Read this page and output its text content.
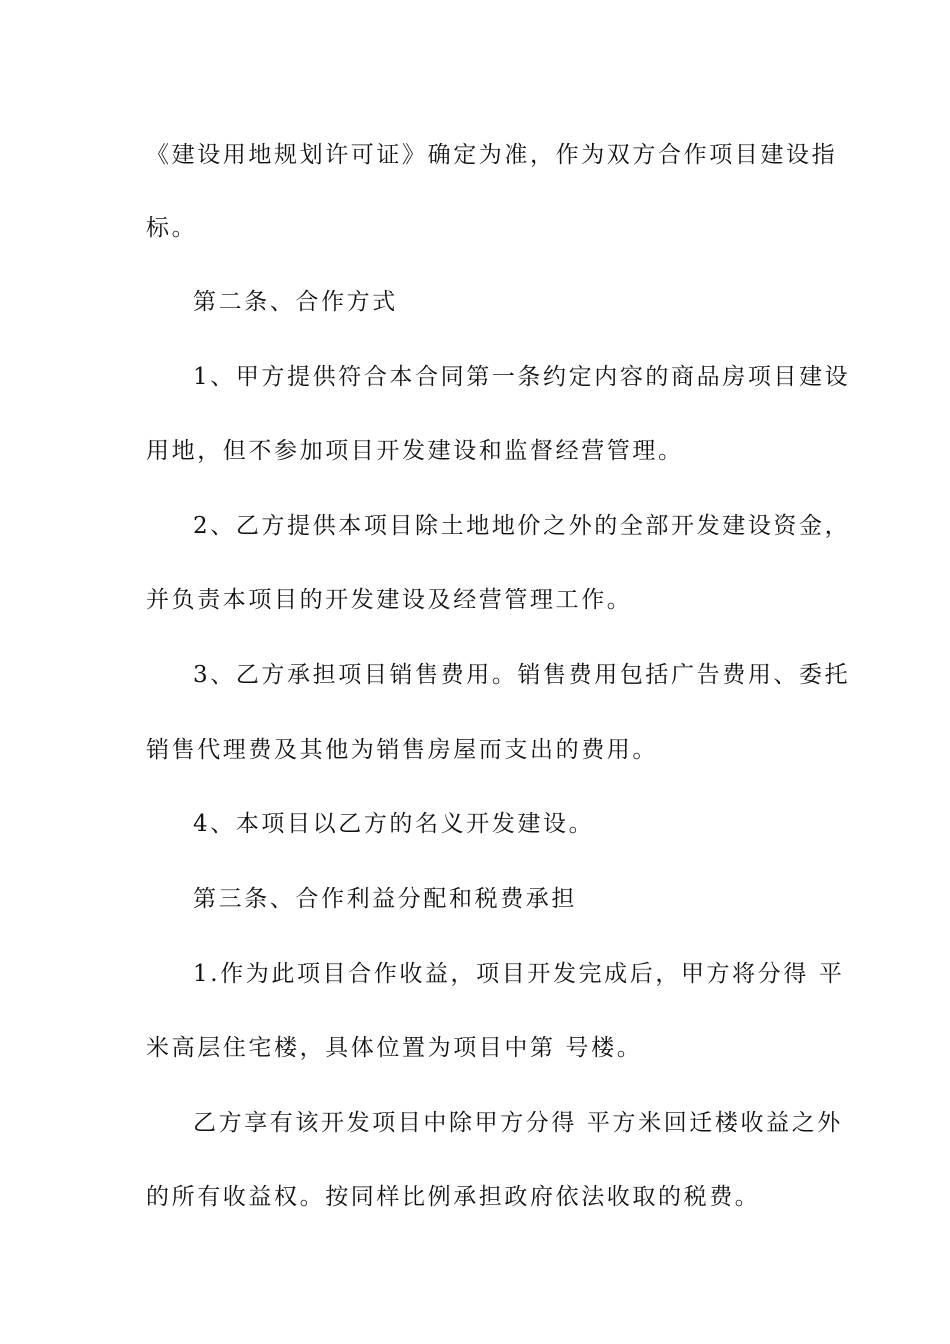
《建设用地规划许可证》确定为准，作为双方合作项目建设指
标。
第二条、合作方式
1、甲方提供符合本合同第一条约定内容的商品房项目建设
用地，但不参加项目开发建设和监督经营管理。
2、乙方提供本项目除土地地价之外的全部开发建设资金，
并负责本项目的开发建设及经营管理工作。
3、乙方承担项目销售费用。销售费用包括广告费用、委托
销售代理费及其他为销售房屋而支出的费用。
4、本项目以乙方的名义开发建设。
第三条、合作利益分配和税费承担
1.作为此项目合作收益，项目开发完成后，甲方将分得 平
米高层住宅楼，具体位置为项目中第 号楼。
乙方享有该开发项目中除甲方分得 平方米回迁楼收益之外
的所有收益权。按同样比例承担政府依法收取的税费。
